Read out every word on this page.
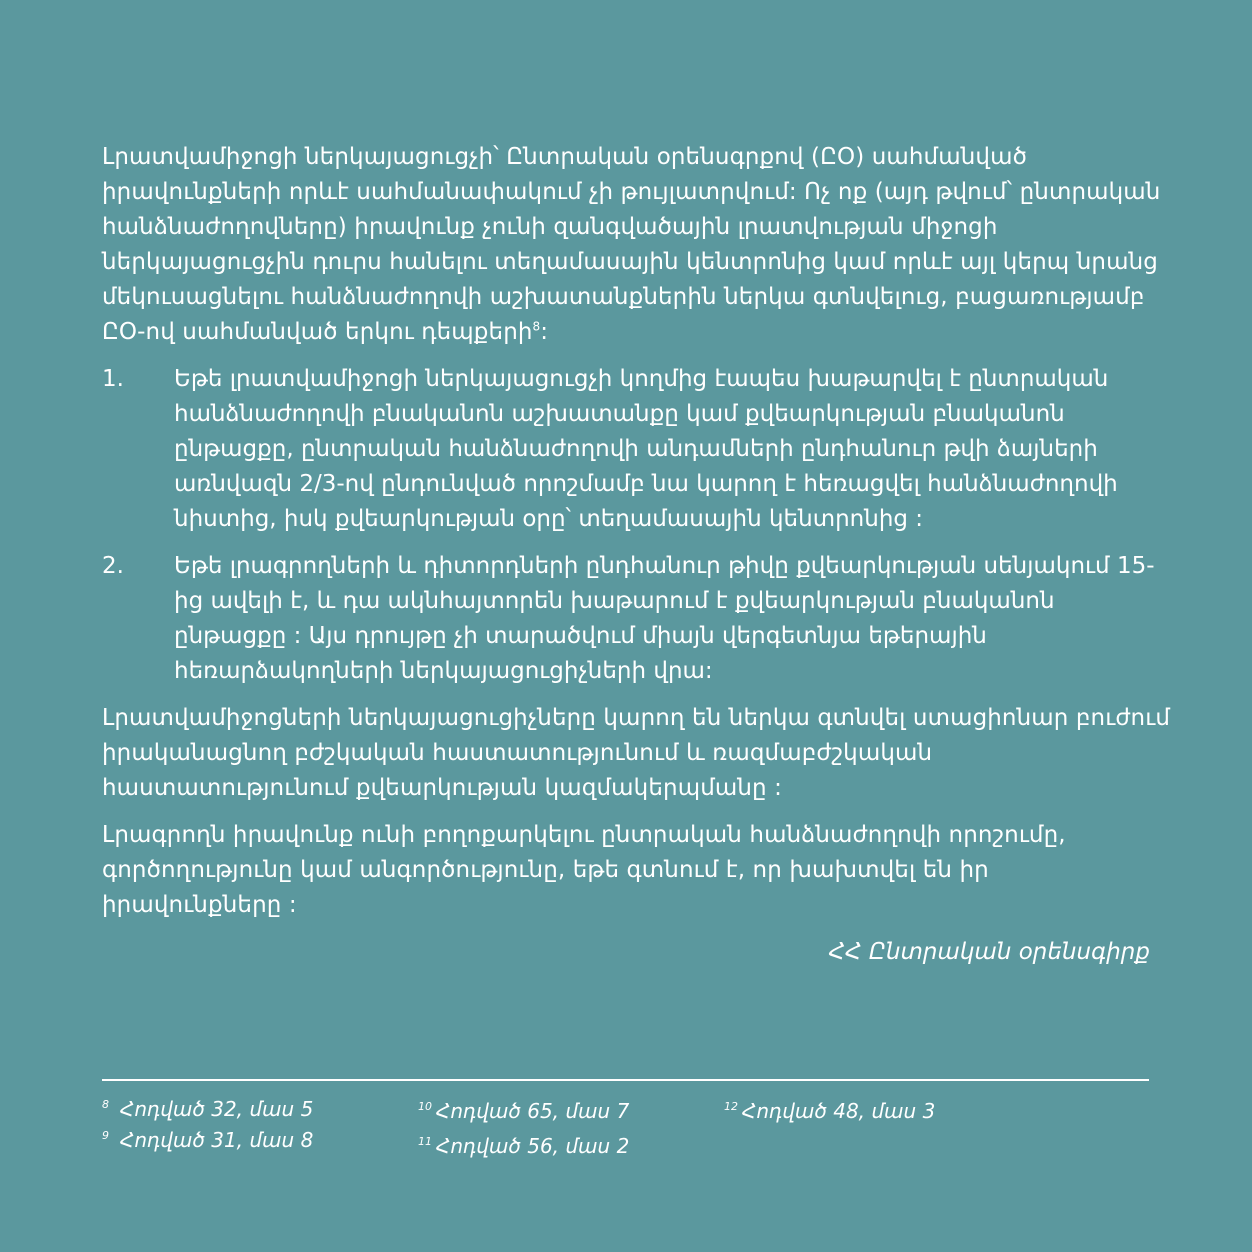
Լրատվամիջոցի ներկայացուցչի՝ Ընտրական օրենսգրքով (ԸՕ) սահմանված իրավունքների որևէ սահմանափակում չի թույլատրվում: Ոչ ոք (այդ թվում՝ ընտրական հանձնաժողովները) իրավունք չունի զանգվածային լրատվության միջոցի ներկայացուցչին դուրս հանելու տեղամասային կենտրոնից կամ որևէ այլ կերպ նրանց մեկուսացնելու հանձնաժողովի աշխատանքներին ներկա գտնվելուց, բացառությամբ ԸՕ-ով սահմանված երկու դեպքերի$^8$:

1.	Եթե լրատվամիջոցի ներկայացուցչի կողմից էապես խաթարվել է ընտրական հանձնաժողովի բնականոն աշխատանքը կամ քվեարկության բնականոն ընթացքը, ընտրական հանձնաժողովի անդամների ընդհանուր թվի ձայների առնվազն 2/3-ով ընդունված որոշմամբ նա կարող է հեռացվել հանձնաժողովի նիստից, իսկ քվեարկության օրը՝ տեղամասային կենտրոնից :
2.	Եթե լրագրողների և դիտորդների ընդհանուր թիվը քվեարկության սենյակում 15-ից ավելի է, և դա ակնհայտորեն խաթարում է քվեարկության բնականոն ընթացքը : Այս դրույթը չի տարածվում միայն վերգետնյա եթերային հեռարձակողների ներկայացուցիչների վրա:

Լրատվամիջոցների ներկայացուցիչները կարող են ներկա գտնվել ստացիոնար բուժում իրականացնող բժշկական հաստատությունում և ռազմաբժշկական հաստատությունում քվեարկության կազմակերպմանը :

Լրագրողն իրավունք ունի բողոքարկելու ընտրական հանձնաժողովի որոշումը, գործողությունը կամ անգործությունը, եթե գտնում է, որ խախտվել են իր իրավունքները :

ՀՀ Ընտրական օրենսգիրք
$^8$ Հոդված 32, մաս 5
$^9$ Հոդված 31, մաս 8
$^{10}$ Հոդված 65, մաս 7
$^{11}$ Հոդված 56, մաս 2
$^{12}$ Հոդված 48, մաս 3
